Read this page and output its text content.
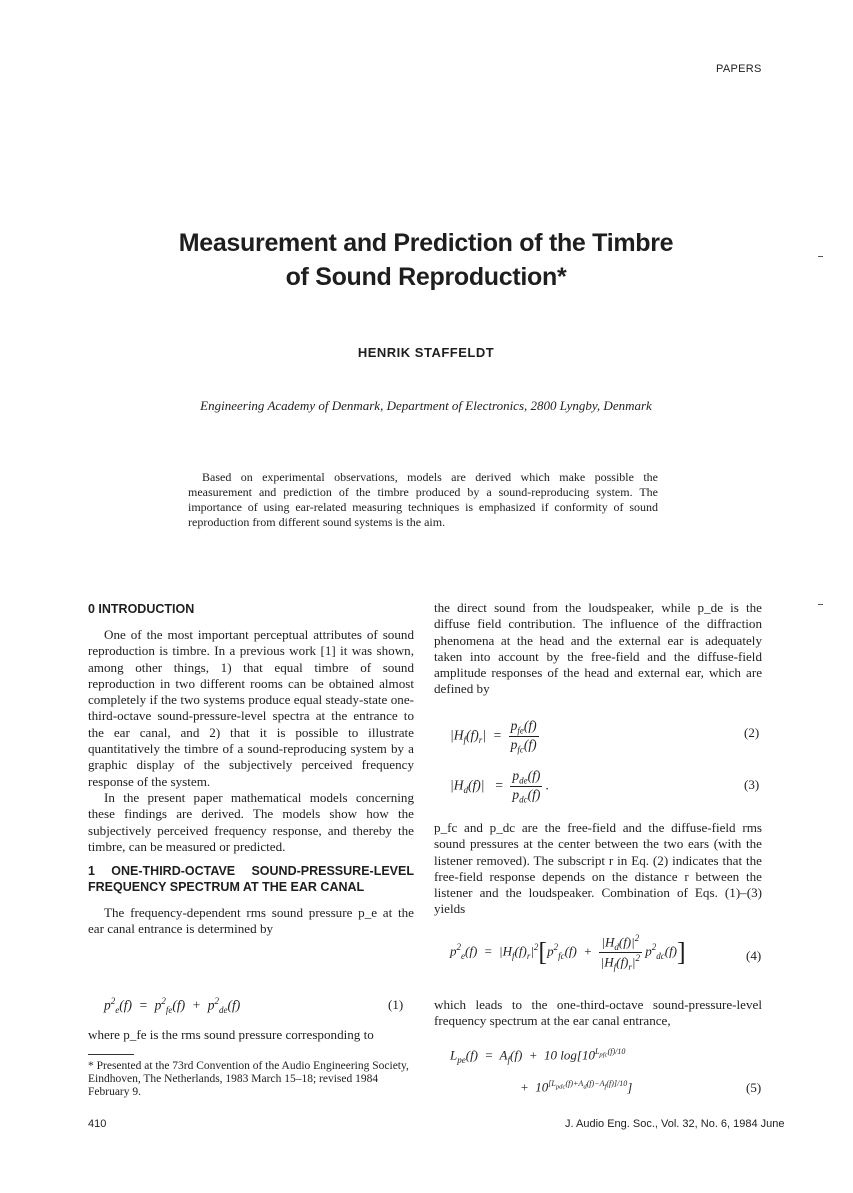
PAPERS
Measurement and Prediction of the Timbre
of Sound Reproduction*
HENRIK STAFFELDT
Engineering Academy of Denmark, Department of Electronics, 2800 Lyngby, Denmark

Based on experimental observations, models are derived which make possible the measurement and prediction of the timbre produced by a sound-reproducing system. The importance of using ear-related measuring techniques is emphasized if conformity of sound reproduction from different sound systems is the aim.

0 INTRODUCTION

One of the most important perceptual attributes of sound reproduction is timbre. In a previous work [1] it was shown, among other things, 1) that equal timbre of sound reproduction in two different rooms can be obtained almost completely if the two systems produce equal steady-state one-third-octave sound-pressure-level spectra at the entrance to the ear canal, and 2) that it is possible to illustrate quantitatively the timbre of a sound-reproducing system by a graphic display of the subjectively perceived frequency response of the system.

In the present paper mathematical models concerning these findings are derived. The models show how the subjectively perceived frequency response, and thereby the timbre, can be measured or predicted.

1 ONE-THIRD-OCTAVE SOUND-PRESSURE-LEVEL FREQUENCY SPECTRUM AT THE EAR CANAL

The frequency-dependent rms sound pressure p_e at the ear canal entrance is determined by

$p^2_e(f) = p^2_{fe}(f) + p^2_{de}(f)$	(1)

where p_fe is the rms sound pressure corresponding to

* Presented at the 73rd Convention of the Audio Engineering Society, Eindhoven, The Netherlands, 1983 March 15–18; revised 1984 February 9.

the direct sound from the loudspeaker, while p_de is the diffuse field contribution. The influence of the diffraction phenomena at the head and the external ear is adequately taken into account by the free-field and the diffuse-field amplitude responses of the head and external ear, which are defined by

$|H_f(f)_r| = \frac{p_{fe}(f)}{p_{fc}(f)}$	(2)
$|H_d(f)| = \frac{p_{de}(f)}{p_{dc}(f)}$ .	(3)

p_fc and p_dc are the free-field and the diffuse-field rms sound pressures at the center between the two ears (with the listener removed). The subscript r in Eq. (2) indicates that the free-field response depends on the distance r between the listener and the loudspeaker. Combination of Eqs. (1)–(3) yields

$p^2_e(f) = |H_f(f)_r|^2[p^2_{fc}(f) + \frac{|H_d(f)|^2}{|H_f(f)_r|^2} p^2_{dc}(f)]$	(4)

which leads to the one-third-octave sound-pressure-level frequency spectrum at the ear canal entrance,

$L_{pe}(f) = A_f(f) + 10$ $\log[10^{L_{pfc}(f)/10}$
+  $10^{[L_{pdc}(f)+A_d(f)-A_f(f)]/10}$]	(5)
410	J. Audio Eng. Soc., Vol. 32, No. 6, 1984 June
